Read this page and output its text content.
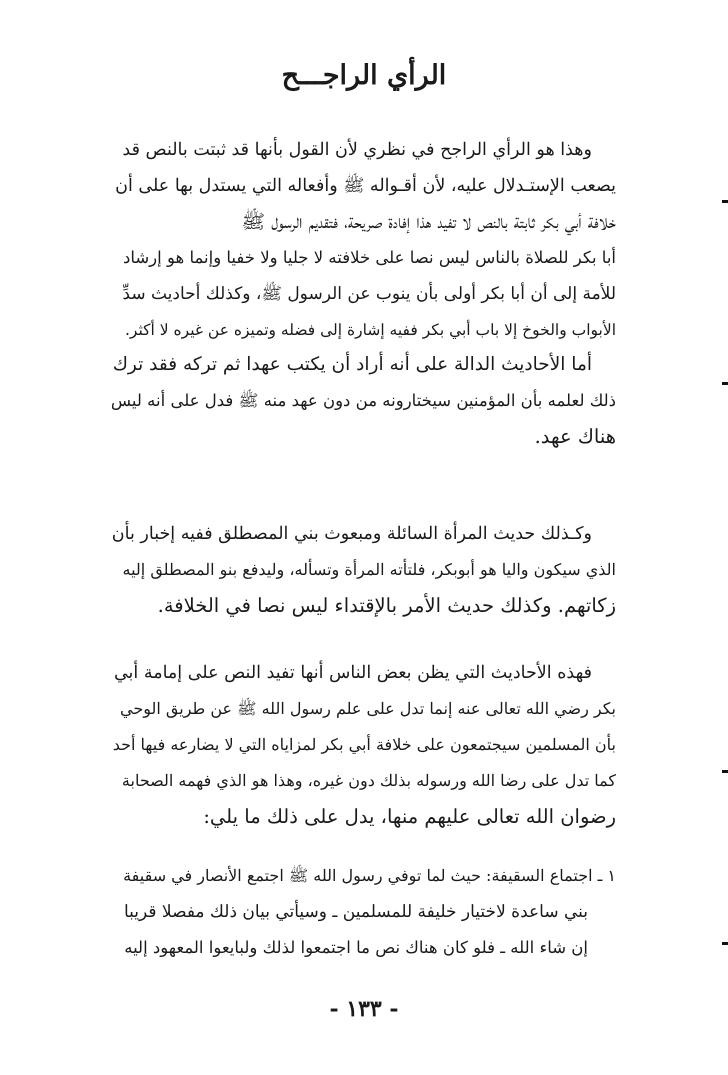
الرأي الراجـــح
وهذا هو الرأي الراجح في نظري لأن القول بأنها قد ثبتت بالنص قد
يصعب الإستـدلال عليه، لأن أقـواله ﷺ وأفعاله التي يستدل بها على أن
خلافة أبي بكر ثابتة بالنص لا تفيد هذا إفادة صريحة، فتقديم الرسول ﷺ
أبا بكر للصلاة بالناس ليس نصا على خلافته لا جليا ولا خفيا وإنما هو إرشاد
للأمة إلى أن أبا بكر أولى بأن ينوب عن الرسول ﷺ، وكذلك أحاديث سدِّ
الأبواب والخوخ إلا باب أبي بكر ففيه إشارة إلى فضله وتميزه عن غيره لا أكثر.
أما الأحاديث الدالة على أنه أراد أن يكتب عهدا ثم تركه فقد ترك
ذلك لعلمه بأن المؤمنين سيختارونه من دون عهد منه ﷺ فدل على أنه ليس
هناك عهد.
وكـذلك حديث المرأة السائلة ومبعوث بني المصطلق ففيه إخبار بأن
الذي سيكون واليا هو أبوبكر، فلتأته المرأة وتسأله، وليدفع بنو المصطلق إليه
زكاتهم. وكذلك حديث الأمر بالإقتداء ليس نصا في الخلافة.
فهذه الأحاديث التي يظن بعض الناس أنها تفيد النص على إمامة أبي
بكر رضي الله تعالى عنه إنما تدل على علم رسول الله ﷺ عن طريق الوحي
بأن المسلمين سيجتمعون على خلافة أبي بكر لمزاياه التي لا يضارعه فيها أحد
كما تدل على رضا الله ورسوله بذلك دون غيره، وهذا هو الذي فهمه الصحابة
رضوان الله تعالى عليهم منها، يدل على ذلك ما يلي:
١ ـ اجتماع السقيفة: حيث لما توفي رسول الله ﷺ اجتمع الأنصار في سقيفة
بني ساعدة لاختيار خليفة للمسلمين ـ وسيأتي بيان ذلك مفصلا قريبا
إن شاء الله ـ فلو كان هناك نص ما اجتمعوا لذلك ولبايعوا المعهود إليه
- ١٣٣ -
